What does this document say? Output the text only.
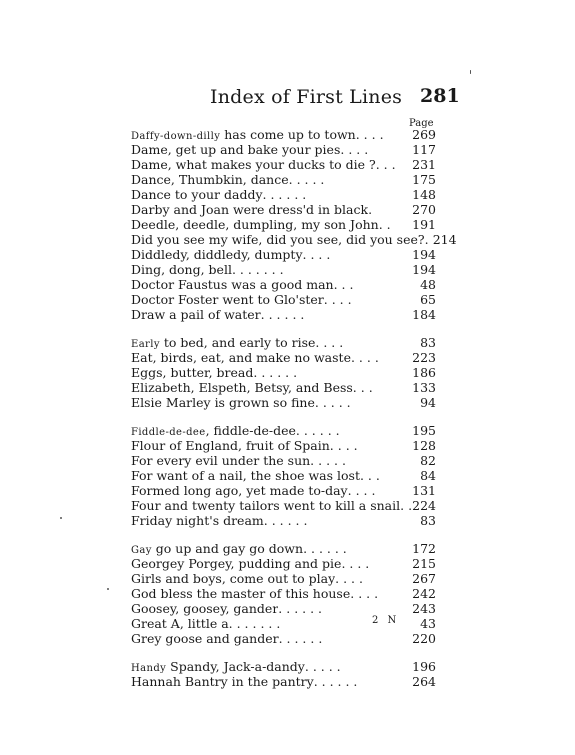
Index of First Lines 281
Page
Daffy-down-dilly has come up to town . . . .	269
Dame, get up and bake your pies . . . .	117
Dame, what makes your ducks to die ? . . .	231
Dance, Thumbkin, dance . . . . .	175
Dance to your daddy . . . . . .	148
Darby and Joan were dress'd in black .	270
Deedle, deedle, dumpling, my son John . .	191
Did you see my wife, did you see, did you see? . 214
Diddledy, diddledy, dumpty . . . .	194
Ding, dong, bell . . . . . . .	194
Doctor Faustus was a good man . . .	48
Doctor Foster went to Glo'ster . . . .	65
Draw a pail of water . . . . . .	184
Early to bed, and early to rise . . . .	83
Eat, birds, eat, and make no waste . . . .	223
Eggs, butter, bread . . . . . .	186
Elizabeth, Elspeth, Betsy, and Bess . . .	133
Elsie Marley is grown so fine . . . . .	94
Fiddle-de-dee, fiddle-de-dee . . . . . .	195
Flour of England, fruit of Spain . . . .	128
For every evil under the sun . . . . .	82
For want of a nail, the shoe was lost . . .	84
Formed long ago, yet made to-day . . . .	131
Four and twenty tailors went to kill a snail . . 224
Friday night's dream . . . . . .	83
Gay go up and gay go down . . . . . .	172
Georgey Porgey, pudding and pie . . . .	215
Girls and boys, come out to play . . . .	267
God bless the master of this house . . . .	242
Goosey, goosey, gander . . . . . .	243
Great A, little a . . . . . . .	43
Grey goose and gander . . . . . .	220
Handy Spandy, Jack-a-dandy . . . . .	196
Hannah Bantry in the pantry . . . . . .	264
2 N
